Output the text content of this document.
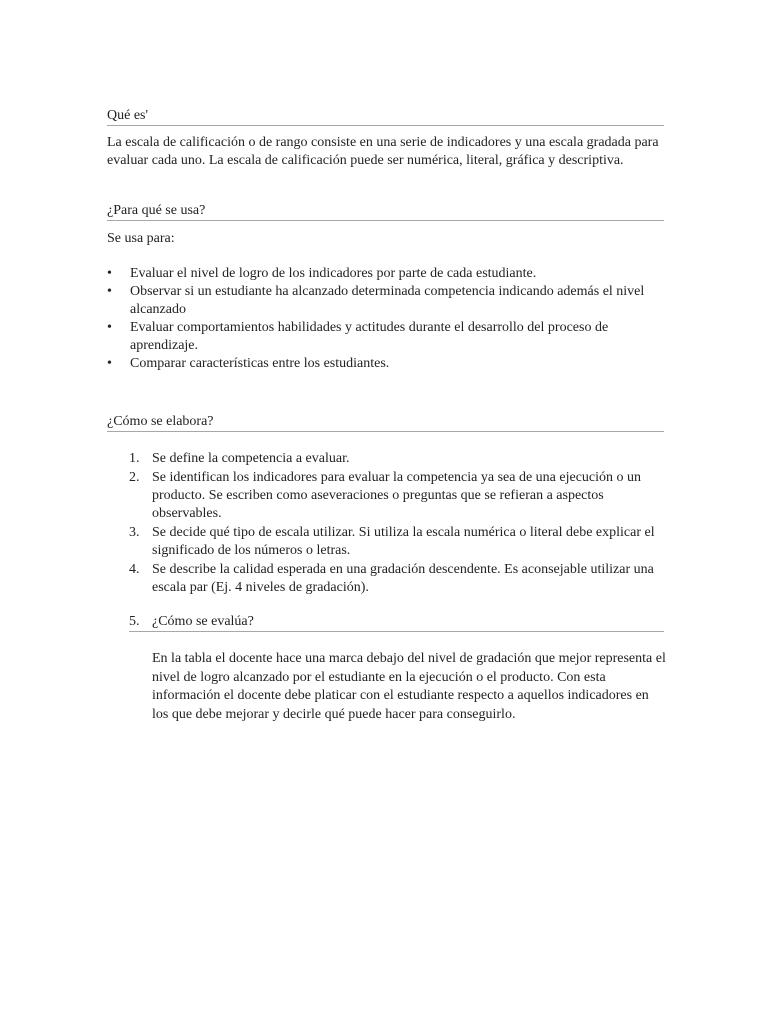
Qué es'

La escala de calificación o de rango consiste en una serie de indicadores y una escala gradada para evaluar cada uno. La escala de calificación puede ser numérica, literal, gráfica y descriptiva.

¿Para qué se usa?

Se usa para:

• Evaluar el nivel de logro de los indicadores por parte de cada estudiante.
• Observar si un estudiante ha alcanzado determinada competencia indicando además el nivel alcanzado
• Evaluar comportamientos habilidades y actitudes durante el desarrollo del proceso de aprendizaje.
• Comparar características entre los estudiantes.
¿Cómo se elabora?
1. Se define la competencia a evaluar.
2. Se identifican los indicadores para evaluar la competencia ya sea de una ejecución o un producto. Se escriben como aseveraciones o preguntas que se refieran a aspectos observables.
3. Se decide qué tipo de escala utilizar. Si utiliza la escala numérica o literal debe explicar el significado de los números o letras.
4. Se describe la calidad esperada en una gradación descendente. Es aconsejable utilizar una escala par (Ej. 4 niveles de gradación).
5. ¿Cómo se evalúa?

En la tabla el docente hace una marca debajo del nivel de gradación que mejor representa el nivel de logro alcanzado por el estudiante en la ejecución o el producto. Con esta información el docente debe platicar con el estudiante respecto a aquellos indicadores en los que debe mejorar y decirle qué puede hacer para conseguirlo.
